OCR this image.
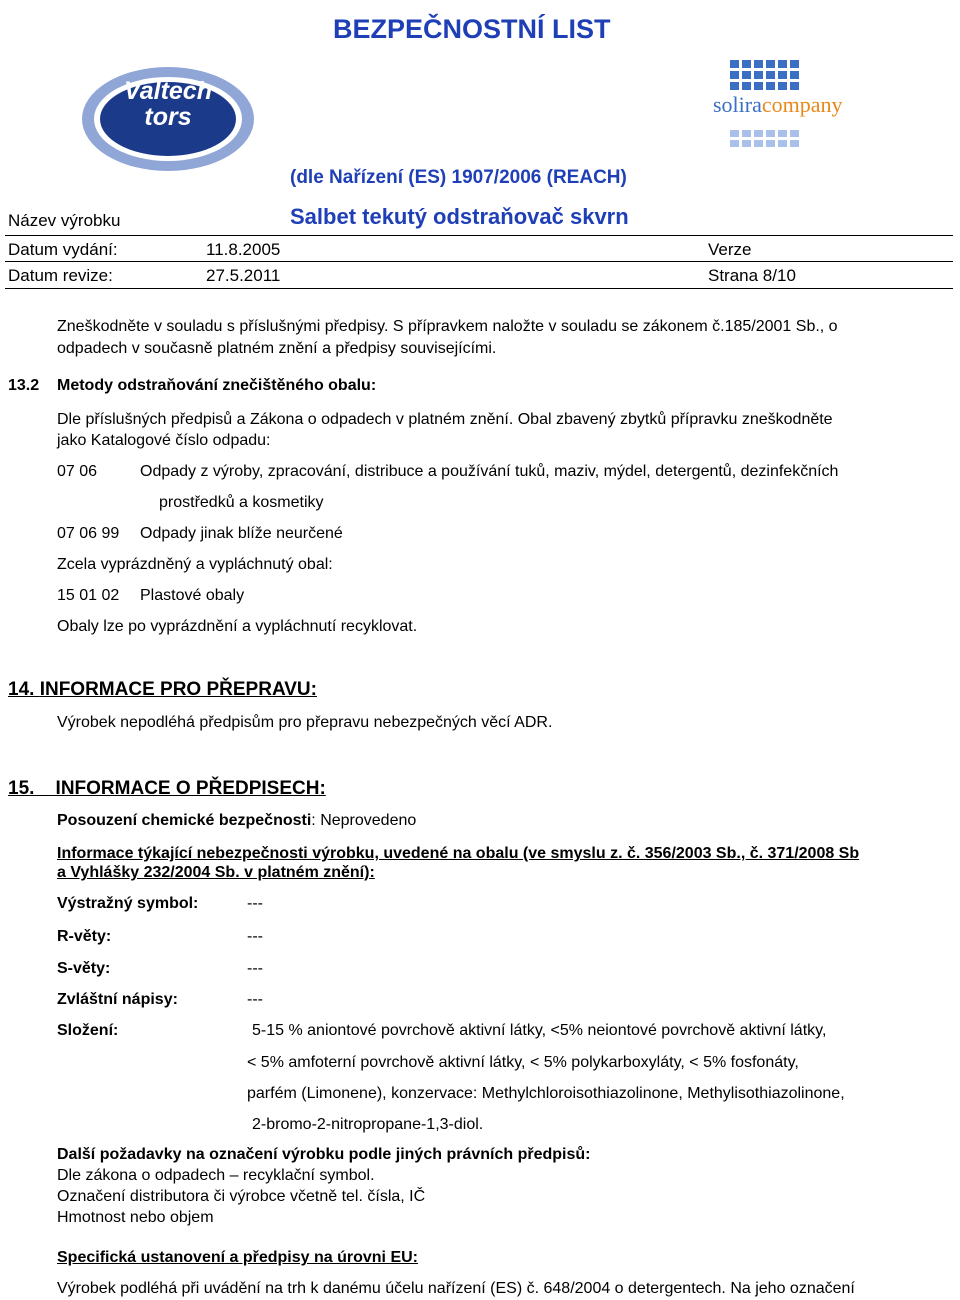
BEZPEČNOSTNÍ LIST
Valtech tors	soliracompany
(dle Nařízení (ES) 1907/2006 (REACH)
Název výrobku	Salbet tekutý odstraňovač skvrn
Datum vydání:	11.8.2005	Verze
Datum revize:	27.5.2011	Strana 8/10
Zneškodněte v souladu s příslušnými předpisy. S přípravkem naložte v souladu se zákonem č.185/2001 Sb., o
odpadech v současně platném znění a předpisy souvisejícími.
13.2 Metody odstraňování znečištěného obalu:
Dle příslušných předpisů a Zákona o odpadech v platném znění. Obal zbavený zbytků přípravku zneškodněte
jako Katalogové číslo odpadu:
07 06	Odpady z výroby, zpracování, distribuce a používání tuků, maziv, mýdel, detergentů, dezinfekčních
prostředků a kosmetiky
07 06 99 Odpady jinak blíže neurčené
Zcela vyprázdněný a vypláchnutý obal:
15 01 02 Plastové obaly
Obaly lze po vyprázdnění a vypláchnutí recyklovat.
14. INFORMACE PRO PŘEPRAVU:
Výrobek nepodléhá předpisům pro přepravu nebezpečných věcí ADR.
15. INFORMACE O PŘEDPISECH:
Posouzení chemické bezpečnosti: Neprovedeno
Informace týkající nebezpečnosti výrobku, uvedené na obalu (ve smyslu z. č. 356/2003 Sb., č. 371/2008 Sb
a Vyhlášky 232/2004 Sb. v platném znění):
Výstražný symbol:	---
R-věty:	---
S-věty:	---
Zvláštní nápisy:	---
Složení:	5-15 % aniontové povrchově aktivní látky, <5% neiontové povrchově aktivní látky,
< 5% amfoterní povrchově aktivní látky, < 5% polykarboxyláty, < 5% fosfonáty,
parfém (Limonene), konzervace: Methylchloroisothiazolinone, Methylisothiazolinone,
2-bromo-2-nitropropane-1,3-diol.
Další požadavky na označení výrobku podle jiných právních předpisů:
Dle zákona o odpadech – recyklační symbol.
Označení distributora či výrobce včetně tel. čísla, IČ
Hmotnost nebo objem
Specifická ustanovení a předpisy na úrovni EU:
Výrobek podléhá při uvádění na trh k danému účelu nařízení (ES) č. 648/2004 o detergentech. Na jeho označení
